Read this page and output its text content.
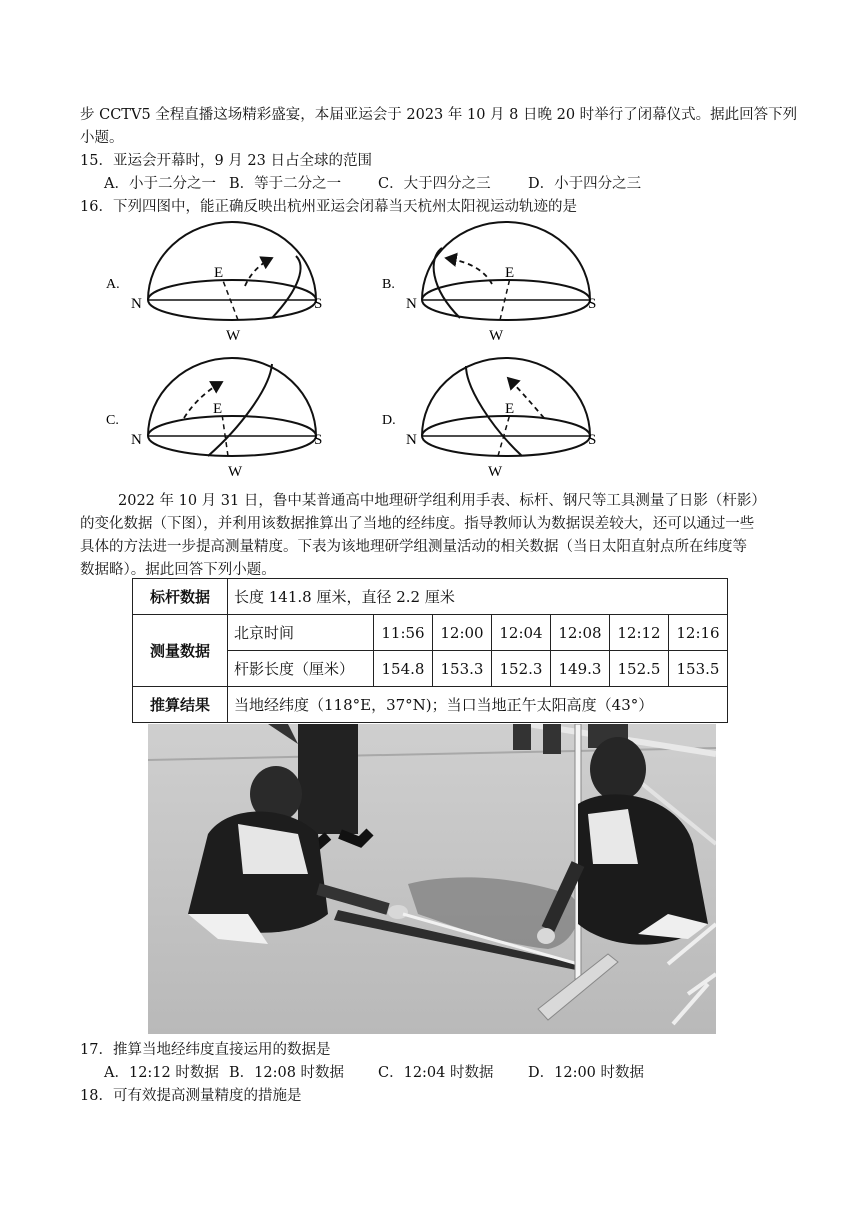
步 CCTV5 全程直播这场精彩盛宴，本届亚运会于 2023 年 10 月 8 日晚 20 时举行了闭幕仪式。据此回答下列
小题。
15．亚运会开幕时，9 月 23 日占全球的范围
A．小于二分之一 B．等于二分之一	C．大于四分之三	D．小于四分之三
16．下列四图中，能正确反映出杭州亚运会闭幕当天杭州太阳视运动轨迹的是
A.
N	S
E
W
B.
N	S
E
W
C.
N	S
E
W
D.
N	S
E
W
2022 年 10 月 31 日，鲁中某普通高中地理研学组利用手表、标杆、钢尺等工具测量了日影（杆影）
的变化数据（下图），并利用该数据推算出了当地的经纬度。指导教师认为数据误差较大，还可以通过一些
具体的方法进一步提高测量精度。下表为该地理研学组测量活动的相关数据（当日太阳直射点所在纬度等
数据略）。据此回答下列小题。
标杆数据	长度 141.8 厘米，直径 2.2 厘米						
测量数据	北京时间	11:56	12:00	12:04	12:08	12:12	12:16
	杆影长度（厘米）	154.8	153.3	152.3	149.3	152.5	153.5
推算结果	当地经纬度（118°E，37°N)；当口当地正午太阳高度（43°）						
17．推算当地经纬度直接运用的数据是
A．12:12 时数据 B．12:08 时数据 C．12:04 时数据 D．12:00 时数据
18．可有效提高测量精度的措施是
